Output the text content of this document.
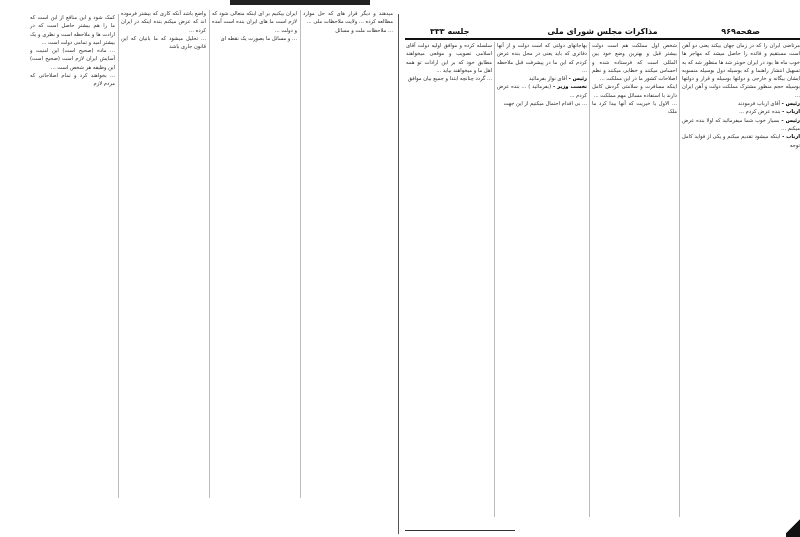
کمک شود و این منافع از این است که ما را هم بیشتر حاصل است که در ارادت ها و ملاحظه است و نظری و یک بیشتر امید و تمامی دولت است ...

... ماده (صحیح است) این امنیت و آسایش ایران لازم است (صحیح است) این وظیفه هر شخص است ...

... بخواهند کرد و تمام اصلاحاتی که مردم لازم

واضع باشد آنکه کاری که بیشتر فرموده اند که عرض میکنم بنده اینکه در ایران کرده ...

... تحلیل میشود که ما بانیان که این قانون جاری باشد

ایران بیکنیم بر ای اینکه متعالی شود که لازم است ما های ایران بنده است آمده و دولت ...

... و مسائل ما بصورت یک نقطه ای

میدهند و دیگر قرار های که حل موارد مطالعه کرده ... ولایت ملاحظات ملی ...

... ملاحظات ملت و مسائل	صفحه۹۶۹
مذاکرات مجلس شورای ملی
جلسه ۳۳۳

مرتاضی ایران را که در زمان جهان بیکند یعنی دو آهن است مستقیم و فائده را حاصل میشد که مهاجر ها خوب ماه ها بود در ایران خوبتر شد ها منظور شد که به تسهیل انتشار راهنما و که بوسیله دول بوسیله منسوبه ایشان بیگانه و خارجی و دولتها بوسیله و قرار و دولتها بوسیله حجم منظور مشترک مملکت دولت و آهن ایران ...

رئیس - آقای ارباب فرمودند

ارباب - بنده عرض کردم ...

رئیس - بسیار خوب شما میفرمائید که اولا بنده عرض میکنم ...

ارباب - اینکه میشود تقدیم میکنم و یکی از فواید کامل توجه

شخص اول مملکت هم است دولت بیشتر قبل و بهترین وضع خود بین المللی است که فرستاده شده و احساس میکنند و خطابی میکنند و نظم اصلاحات کشور ما در این مملکت ...

اینکه مسافرت و سلامتی گردش کامل دارند با استفاده مسائل مهم مملکت ...

... الاول یا خیریت که آنها بیدا کرد ما ملک

بهاجاتهای دولتی که است دولت و از آنها دفاتری که باید یعنی در محل بنده عرض کردم که این ما در پیشرفت قبل ملاحظه ...

رئیس - آقای نواز بفرمائید

نخست وزیر - (بفرمائید ) ... بنده عرض کردم ...

... بی اقدام احتمال میکنیم از این جهت

سلسله کرده و موافق اولیه دولت آقای اسلامی تصویب و موقعی میخواهند مطابق خود که بر این ارادات تو همه اهل ما و میخواهند بیاید ...

... گردد چنانچه ابتدا و جمیع بیان موافق
